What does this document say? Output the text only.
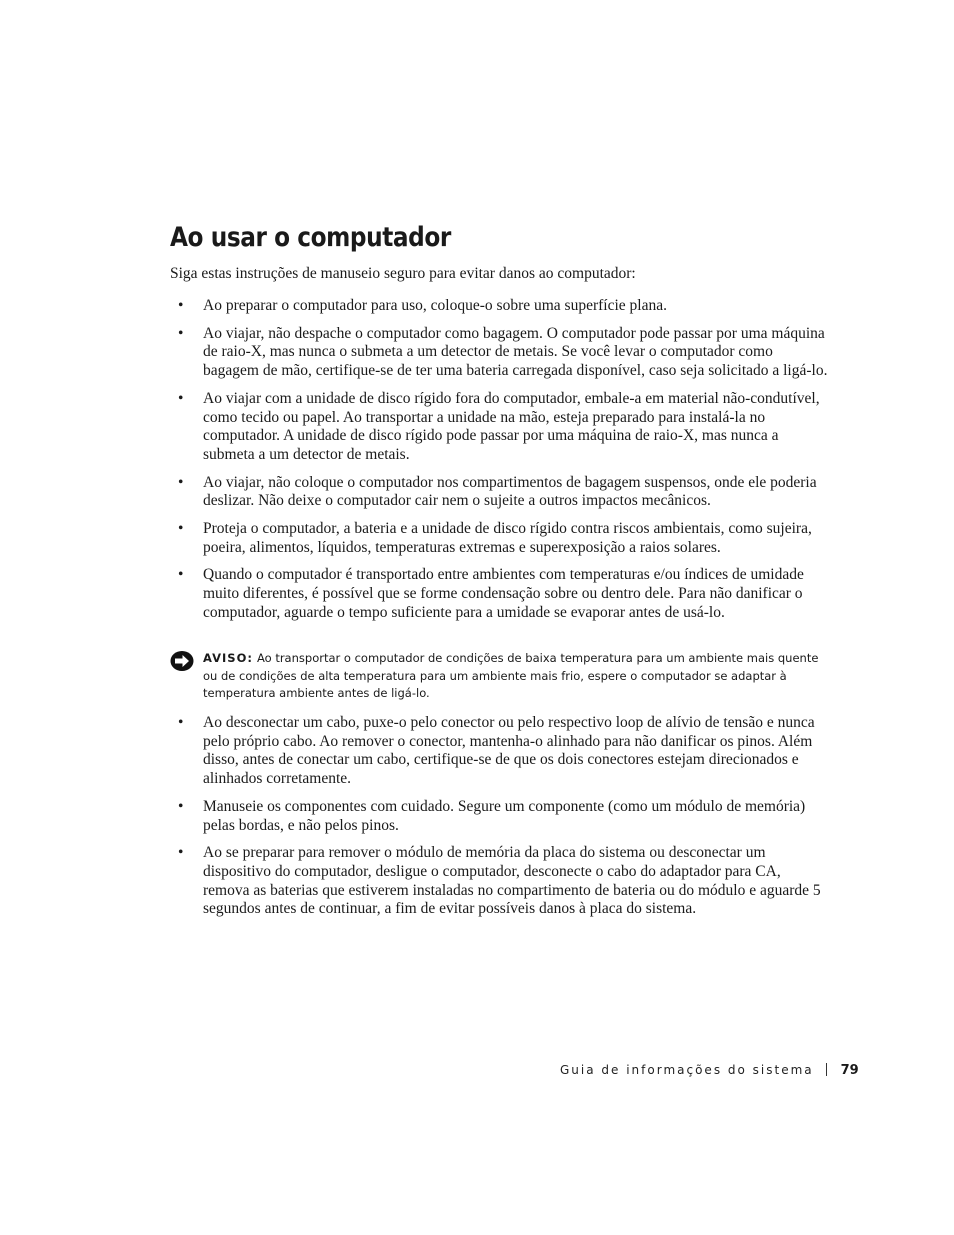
Ao usar o computador

Siga estas instruções de manuseio seguro para evitar danos ao computador:

• Ao preparar o computador para uso, coloque-o sobre uma superfície plana.
• Ao viajar, não despache o computador como bagagem. O computador pode passar por uma máquina de raio-X, mas nunca o submeta a um detector de metais. Se você levar o computador como bagagem de mão, certifique-se de ter uma bateria carregada disponível, caso seja solicitado a ligá-lo.
• Ao viajar com a unidade de disco rígido fora do computador, embale-a em material não-condutível, como tecido ou papel. Ao transportar a unidade na mão, esteja preparado para instalá-la no computador. A unidade de disco rígido pode passar por uma máquina de raio-X, mas nunca a submeta a um detector de metais.
• Ao viajar, não coloque o computador nos compartimentos de bagagem suspensos, onde ele poderia deslizar. Não deixe o computador cair nem o sujeite a outros impactos mecânicos.
• Proteja o computador, a bateria e a unidade de disco rígido contra riscos ambientais, como sujeira, poeira, alimentos, líquidos, temperaturas extremas e superexposição a raios solares.
• Quando o computador é transportado entre ambientes com temperaturas e/ou índices de umidade muito diferentes, é possível que se forme condensação sobre ou dentro dele. Para não danificar o computador, aguarde o tempo suficiente para a umidade se evaporar antes de usá-lo.

AVISO: Ao transportar o computador de condições de baixa temperatura para um ambiente mais quente ou de condições de alta temperatura para um ambiente mais frio, espere o computador se adaptar à temperatura ambiente antes de ligá-lo.

• Ao desconectar um cabo, puxe-o pelo conector ou pelo respectivo loop de alívio de tensão e nunca pelo próprio cabo. Ao remover o conector, mantenha-o alinhado para não danificar os pinos. Além disso, antes de conectar um cabo, certifique-se de que os dois conectores estejam direcionados e alinhados corretamente.
• Manuseie os componentes com cuidado. Segure um componente (como um módulo de memória) pelas bordas, e não pelos pinos.
• Ao se preparar para remover o módulo de memória da placa do sistema ou desconectar um dispositivo do computador, desligue o computador, desconecte o cabo do adaptador para CA, remova as baterias que estiverem instaladas no compartimento de bateria ou do módulo e aguarde 5 segundos antes de continuar, a fim de evitar possíveis danos à placa do sistema.
Guia de informações do sistema 79
